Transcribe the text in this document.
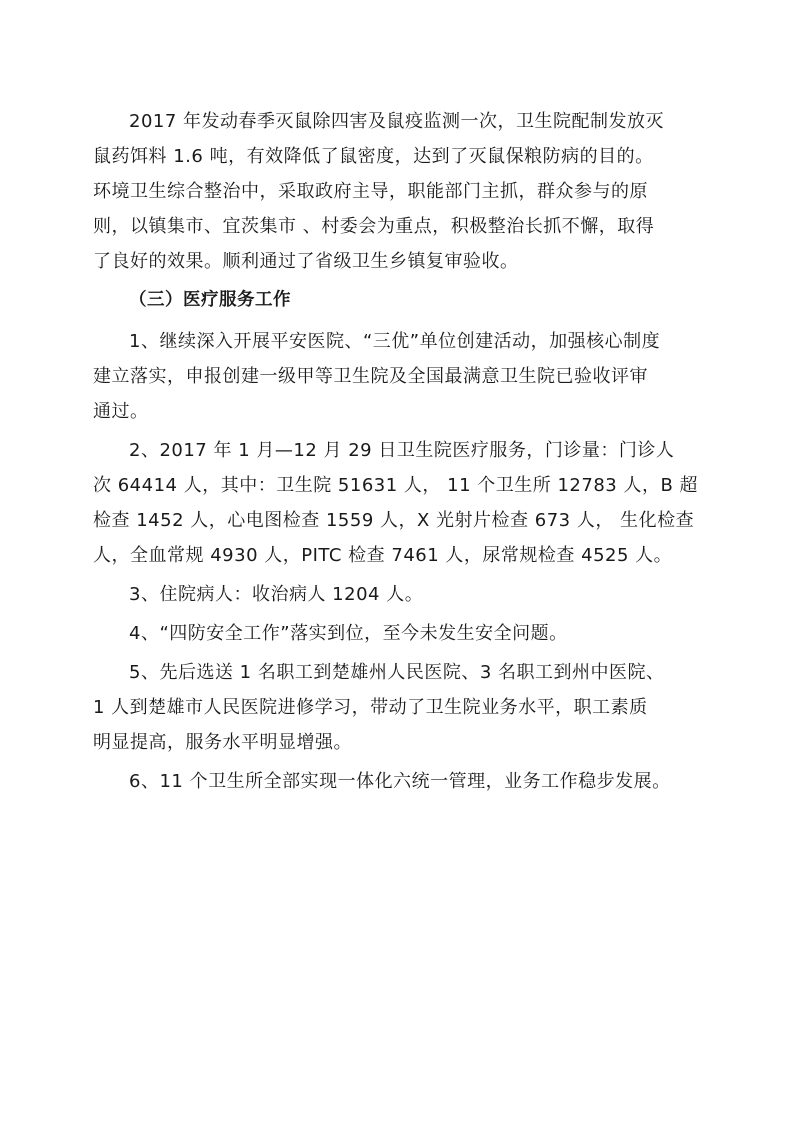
2017 年发动春季灭鼠除四害及鼠疫监测一次，卫生院配制发放灭
鼠药饵料 1.6 吨，有效降低了鼠密度，达到了灭鼠保粮防病的目的。
环境卫生综合整治中，采取政府主导，职能部门主抓，群众参与的原
则，以镇集市、宜茨集市 、村委会为重点，积极整治长抓不懈，取得
了良好的效果。顺利通过了省级卫生乡镇复审验收。
（三）医疗服务工作
1、继续深入开展平安医院、“三优”单位创建活动，加强核心制度
建立落实，申报创建一级甲等卫生院及全国最满意卫生院已验收评审
通过。
2、2017 年 1 月—12 月 29 日卫生院医疗服务，门诊量：门诊人
次 64414 人，其中：卫生院 51631 人， 11 个卫生所 12783 人，B 超
检查 1452 人，心电图检查 1559 人，X 光射片检查 673 人， 生化检查
人，全血常规 4930 人，PITC 检查 7461 人，尿常规检查 4525 人。
3、住院病人：收治病人 1204 人。
4、“四防安全工作”落实到位，至今未发生安全问题。
5、先后选送 1 名职工到楚雄州人民医院、3 名职工到州中医院、
1 人到楚雄市人民医院进修学习，带动了卫生院业务水平，职工素质
明显提高，服务水平明显增强。
6、11 个卫生所全部实现一体化六统一管理，业务工作稳步发展。
